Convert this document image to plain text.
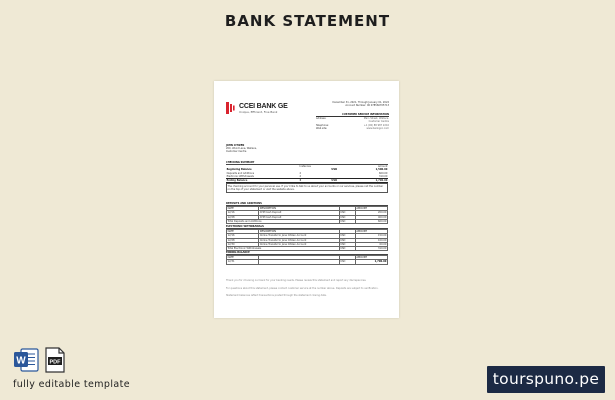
BANK STATEMENT
CCEI BANK GE
Unique, Efficient, Fine Bank
December 31, 2021, Through January 01, 2022
Account Number: 00 078560705713
CUSTOMER SERVICE INFORMATION
Address:	Main Street, Wallace,
Customer Centre
Telephone:	+1 (00) 88 987 2210
Web site:	www.bankgoc.com
JOHN CITIZEN
200, Wood Lane, Wallace,
Customer Centre
CHECKING SUMMARY
	Instances		Amount
Beginning Balance		USD	1,500.00
Deposits and Additions	2		600.00
Electronic Withdrawals	2		310.00
Ending Balance	4	USD	1,790.00
The checking account for your personal use. If you'd like to talk to us about your accounts or our services, please call the number on the top of your statement or visit the website above.
DEPOSITS AND ADDITIONS
DATE	DESCRIPTION		AMOUNT
12/16	ATM Cash Deposit	USD	200.00
12/28	ATM Cash Deposit	USD	400.00
Total Deposits and Additions		USD	600.00
ELECTRONIC WITHDRAWALS
DATE	DESCRIPTION		AMOUNT
12/16	Online Transfer to Jane Citizen Account	USD	150.00
12/28	Online Transfer to Jane Citizen Account	USD	100.00
12/30	Online Transfer to Jane Citizen Account	USD	60.00
Total Electronic Withdrawals		USD	310.00
ENDING BALANCE
DATE			AMOUNT
12/31		USD	1,790.00
Thank you for choosing our bank for your banking needs. Please review this statement and report any discrepancies.
For questions about this statement, please contact customer service at the number above. Deposits are subject to verification.
Statement balances reflect transactions posted through the statement closing date.
W	PDF
fully editable template	tourspuno.pe
